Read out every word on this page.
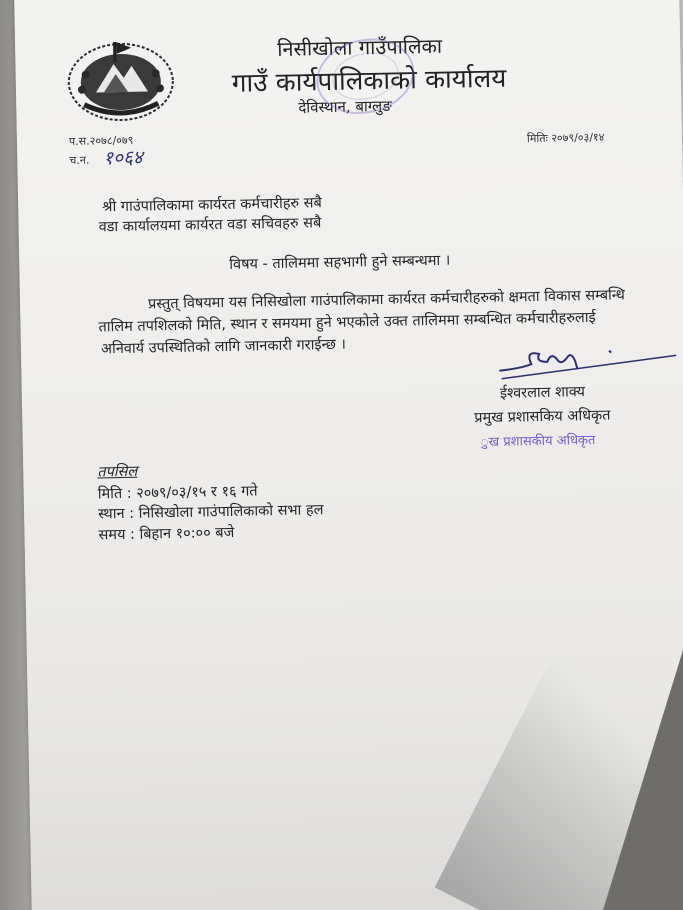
निसीखोला गाउँपालिका
गाउँ कार्यपालिकाको कार्यालय
देविस्थान, बाग्लुङ
प.स.२०७८/०७९
च.न. १०६४
मितिः २०७९/०३/१४
श्री गाउंपालिकामा कार्यरत कर्मचारीहरु सबै
वडा कार्यालयमा कार्यरत वडा सचिवहरु सबै
विषय - तालिममा सहभागी हुने सम्बन्धमा ।
प्रस्तुत् विषयमा यस निसिखोला गाउंपालिकामा कार्यरत कर्मचारीहरुको क्षमता विकास सम्बन्धि
तालिम तपशिलको मिति, स्थान र समयमा हुने भएकोले उक्त तालिममा सम्बन्धित कर्मचारीहरुलाई
अनिवार्य उपस्थितिको लागि जानकारी गराईन्छ ।
ईश्वरलाल शाक्य
प्रमुख प्रशासकिय अधिकृत
ुख प्रशासकीय अधिकृत
तपसिल
मिति : २०७९/०३/१५ र १६ गते
स्थान : निसिखोला गाउंपालिकाको सभा हल
समय : बिहान १०:०० बजे
